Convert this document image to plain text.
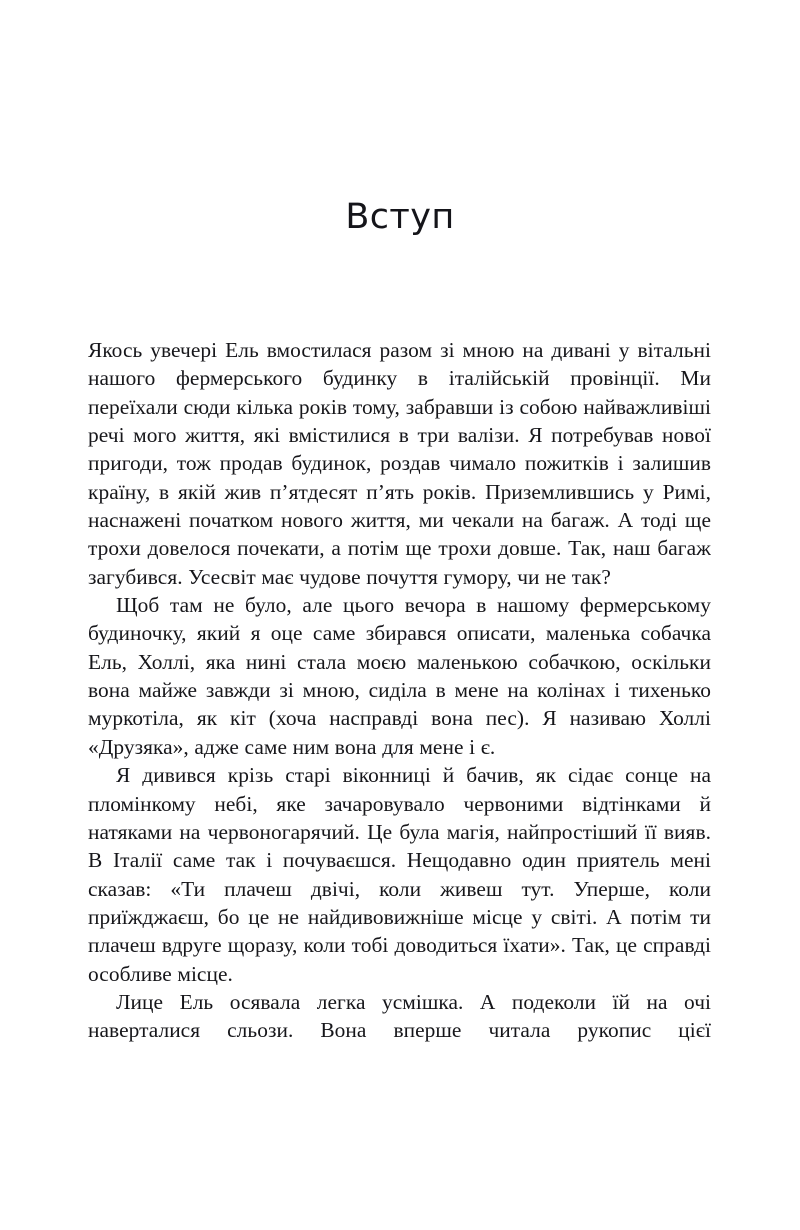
Вступ

Якось увечері Ель вмостилася разом зі мною на дивані у вітальні нашого фермерського будинку в італійській провінції. Ми переїхали сюди кілька років тому, забравши із собою найважливіші речі мого життя, які вмістилися в три валізи. Я потребував нової пригоди, тож продав будинок, роздав чимало пожитків і залишив країну, в якій жив п’ятдесят п’ять років. Приземлившись у Римі, наснажені початком нового життя, ми чекали на багаж. А тоді ще трохи довелося почекати, а потім ще трохи довше. Так, наш багаж загубився. Усесвіт має чудове почуття гумору, чи не так?

Щоб там не було, але цього вечора в нашому фермерському будиночку, який я оце саме збирався описати, маленька собачка Ель, Холлі, яка нині стала моєю маленькою собачкою, оскільки вона майже завжди зі мною, сиділа в мене на колінах і тихенько муркотіла, як кіт (хоча насправді вона пес). Я називаю Холлі «Друзяка», адже саме ним вона для мене і є.

Я дивився крізь старі віконниці й бачив, як сідає сонце на пломінкому небі, яке зачаровувало червоними відтінками й натяками на червоногарячий. Це була магія, найпростіший її вияв. В Італії саме так і почуваєшся. Нещодавно один приятель мені сказав: «Ти плачеш двічі, коли живеш тут. Уперше, коли приїжджаєш, бо це не найдивовижніше місце у світі. А потім ти плачеш вдруге щоразу, коли тобі доводиться їхати». Так, це справді особливе місце.

Лице Ель осявала легка усмішка. А подеколи їй на очі наверталися сльози. Вона вперше читала рукопис цієї
